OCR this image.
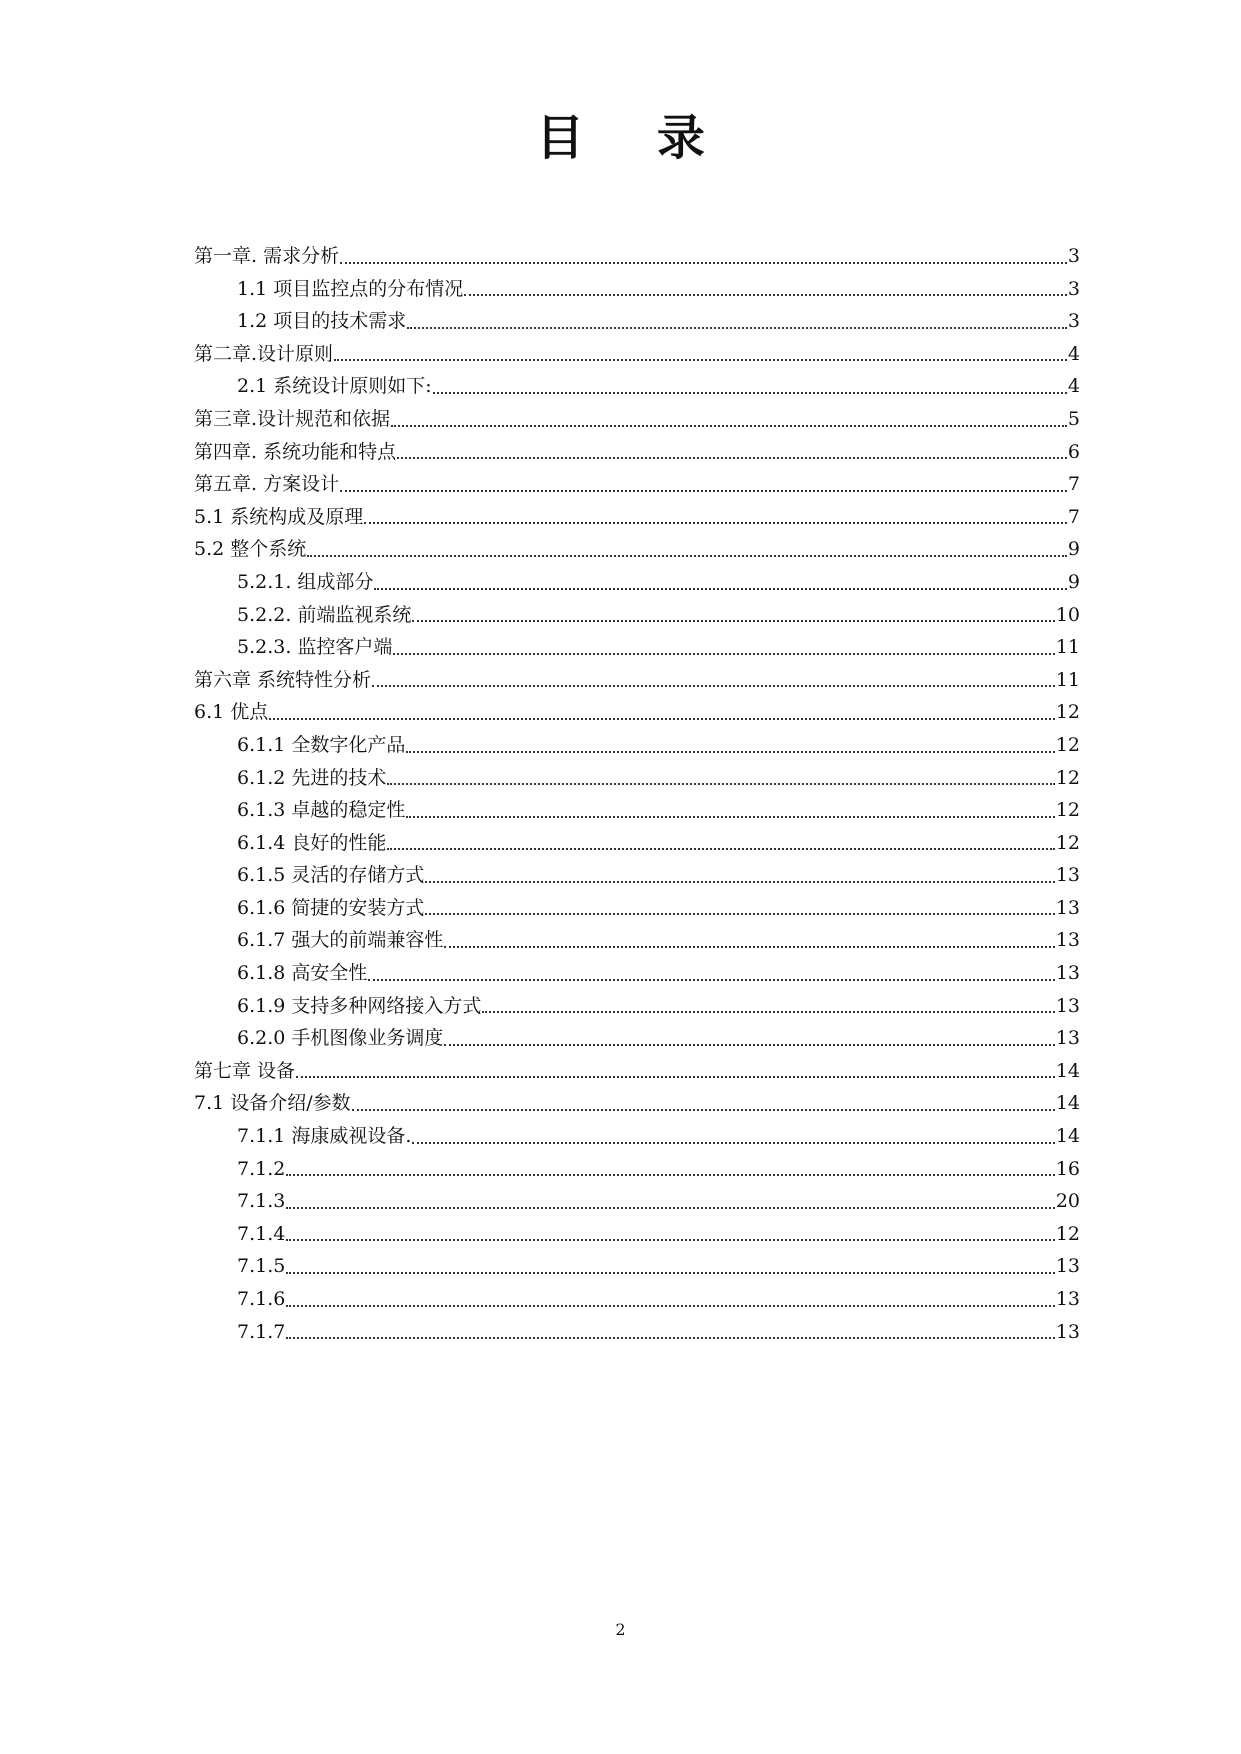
目 录
第一章. 需求分析	3
1.1 项目监控点的分布情况	3
1.2 项目的技术需求	3
第二章.设计原则	4
2.1 系统设计原则如下:	4
第三章.设计规范和依据	5
第四章. 系统功能和特点	6
第五章. 方案设计	7
5.1 系统构成及原理	7
5.2 整个系统	9
5.2.1. 组成部分	9
5.2.2. 前端监视系统	10
5.2.3. 监控客户端	11
第六章 系统特性分析	11
6.1 优点	12
6.1.1 全数字化产品	12
6.1.2 先进的技术	12
6.1.3 卓越的稳定性	12
6.1.4 良好的性能	12
6.1.5 灵活的存储方式	13
6.1.6 简捷的安装方式	13
6.1.7 强大的前端兼容性	13
6.1.8 高安全性	13
6.1.9 支持多种网络接入方式	13
6.2.0 手机图像业务调度	13
第七章 设备	14
7.1 设备介绍/参数	14
7.1.1 海康威视设备.	14
7.1.2	16
7.1.3	20
7.1.4	12
7.1.5	13
7.1.6	13
7.1.7	13
2
